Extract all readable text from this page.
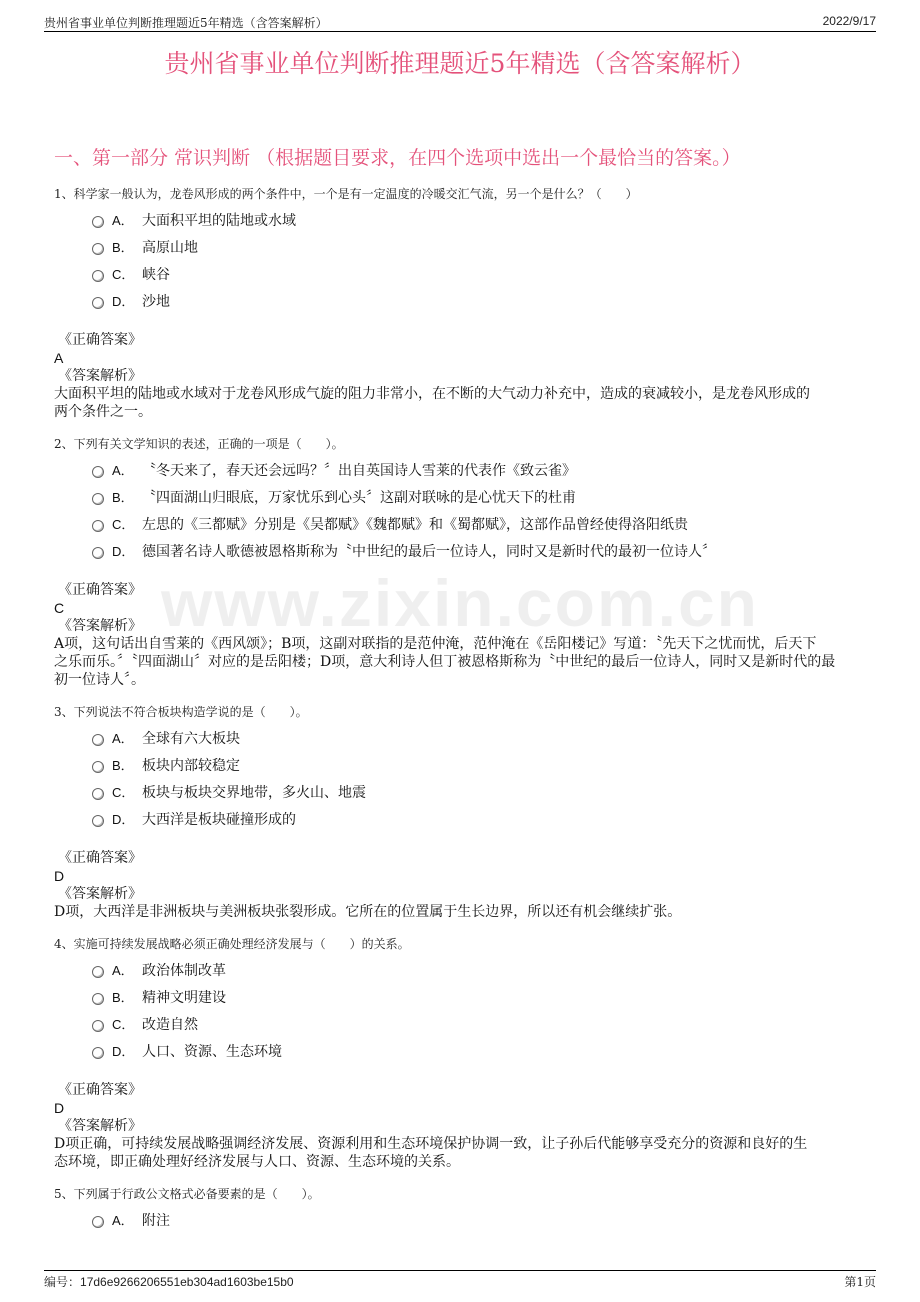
贵州省事业单位判断推理题近5年精选（含答案解析）	2022/9/17
贵州省事业单位判断推理题近5年精选（含答案解析）
一、第一部分 常识判断 （根据题目要求，在四个选项中选出一个最恰当的答案。）
www.zixin.com.cn
1、科学家一般认为，龙卷风形成的两个条件中，一个是有一定温度的冷暖交汇气流，另一个是什么？（　　）
A． 大面积平坦的陆地或水域
B． 高原山地
C． 峡谷
D． 沙地
《正确答案》
A
《答案解析》
大面积平坦的陆地或水域对于龙卷风形成气旋的阻力非常小，在不断的大气动力补充中，造成的衰减较小，是龙卷风形成的
两个条件之一。
2、下列有关文学知识的表述，正确的一项是（　　）。
A． 〝冬天来了，春天还会远吗？〞出自英国诗人雪莱的代表作《致云雀》
B． 〝四面湖山归眼底，万家忧乐到心头〞这副对联咏的是心忧天下的杜甫
C． 左思的《三都赋》分别是《吴都赋》《魏都赋》和《蜀都赋》，这部作品曾经使得洛阳纸贵
D． 德国著名诗人歌德被恩格斯称为〝中世纪的最后一位诗人，同时又是新时代的最初一位诗人〞
《正确答案》
C
《答案解析》
A项，这句话出自雪莱的《西风颂》；B项，这副对联指的是范仲淹，范仲淹在《岳阳楼记》写道：〝先天下之忧而忧，后天下
之乐而乐。〞〝四面湖山〞对应的是岳阳楼；D项，意大利诗人但丁被恩格斯称为〝中世纪的最后一位诗人，同时又是新时代的最
初一位诗人〞。
3、下列说法不符合板块构造学说的是（　　）。
A． 全球有六大板块
B． 板块内部较稳定
C． 板块与板块交界地带，多火山、地震
D． 大西洋是板块碰撞形成的
《正确答案》
D
《答案解析》
D项，大西洋是非洲板块与美洲板块张裂形成。它所在的位置属于生长边界，所以还有机会继续扩张。
4、实施可持续发展战略必须正确处理经济发展与（　　）的关系。
A． 政治体制改革
B． 精神文明建设
C． 改造自然
D． 人口、资源、生态环境
《正确答案》
D
《答案解析》
D项正确，可持续发展战略强调经济发展、资源利用和生态环境保护协调一致，让子孙后代能够享受充分的资源和良好的生
态环境，即正确处理好经济发展与人口、资源、生态环境的关系。
5、下列属于行政公文格式必备要素的是（　　）。
A． 附注
编号：17d6e9266206551eb304ad1603be15b0	第1页
